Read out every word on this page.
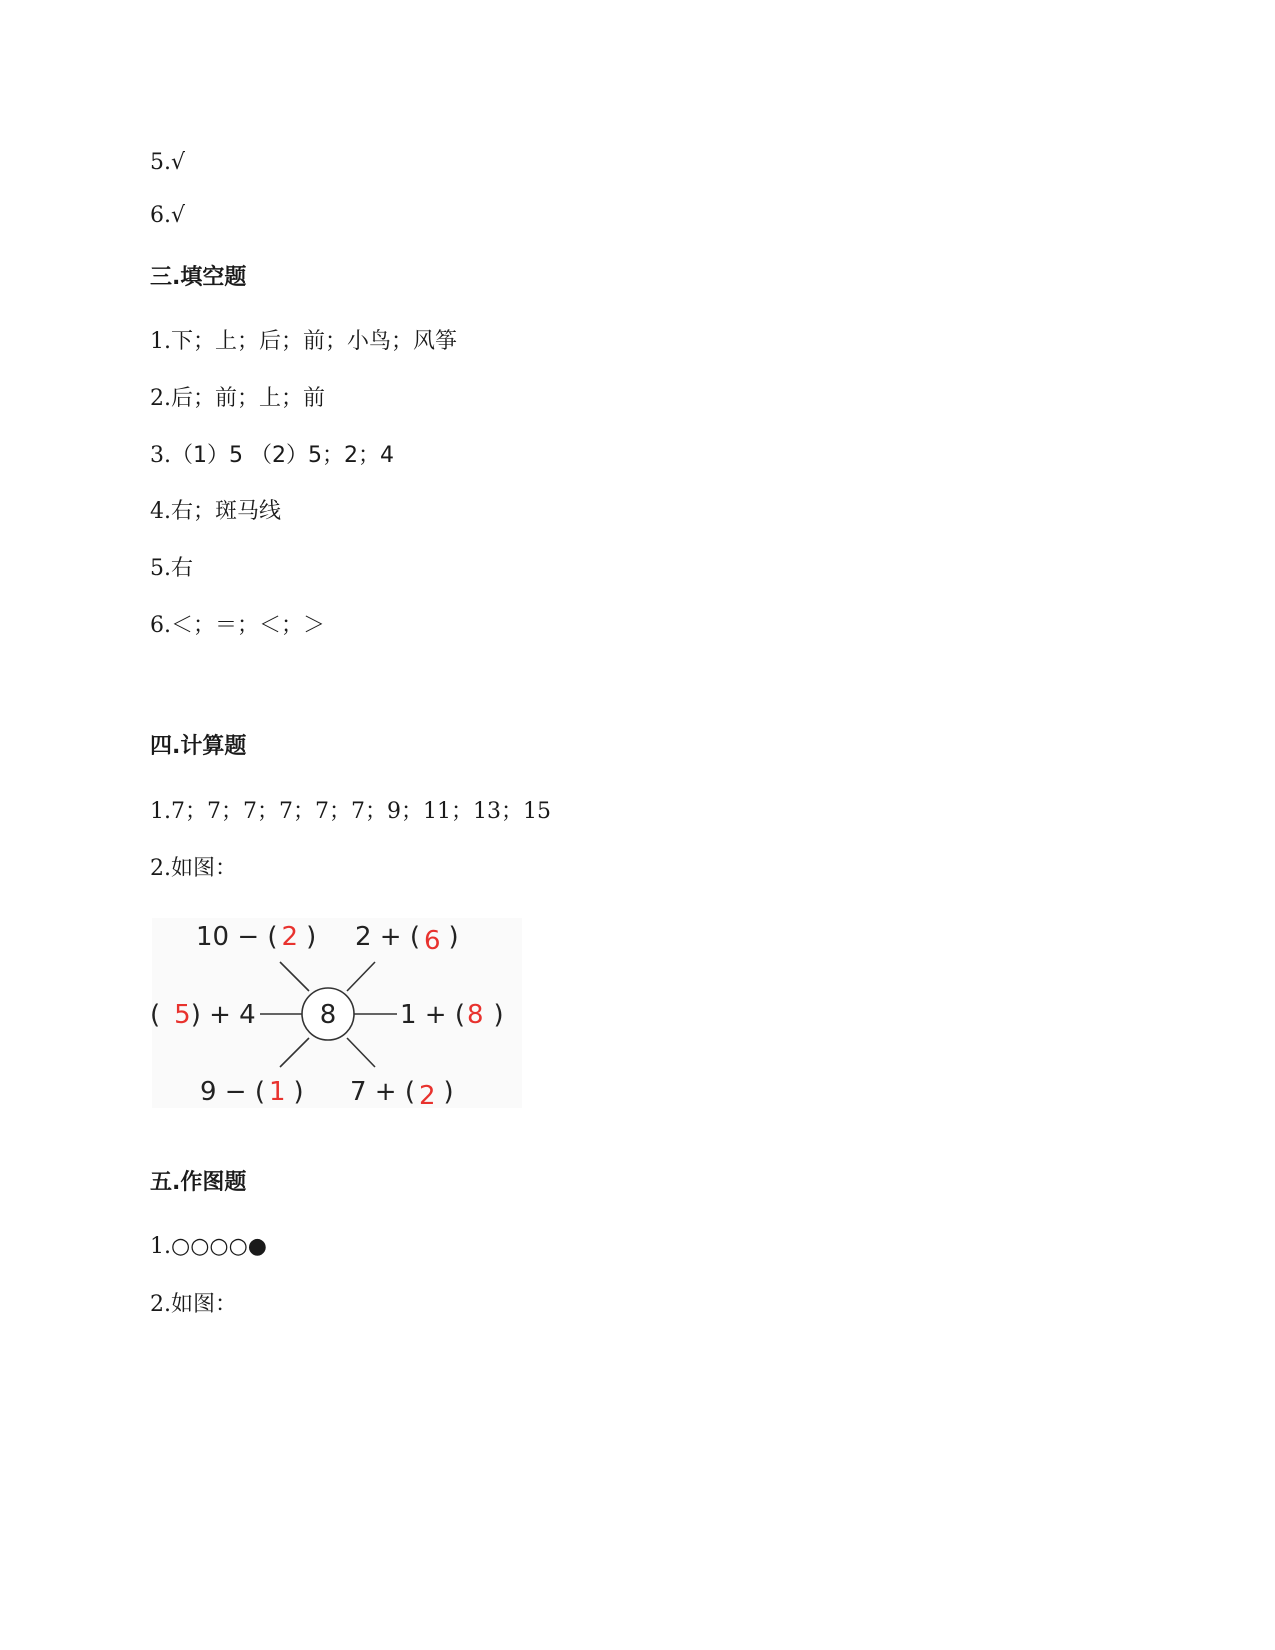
5.√
6.√
三.填空题
1.下；上；后；前；小鸟；风筝
2.后；前；上；前
3.（1）5 （2）5；2；4
4.右；斑马线
5.右
6.＜；＝；＜；＞
四.计算题
1.7；7；7；7；7；7；9；11；13；15
2.如图：
8
10 − ( 2 ) 2 + ( 6 )
( 5) + 4	1 + (8 )
9 − ( 1 ) 7 + ( 2 )
五.作图题
1.○○○○●
2.如图：
